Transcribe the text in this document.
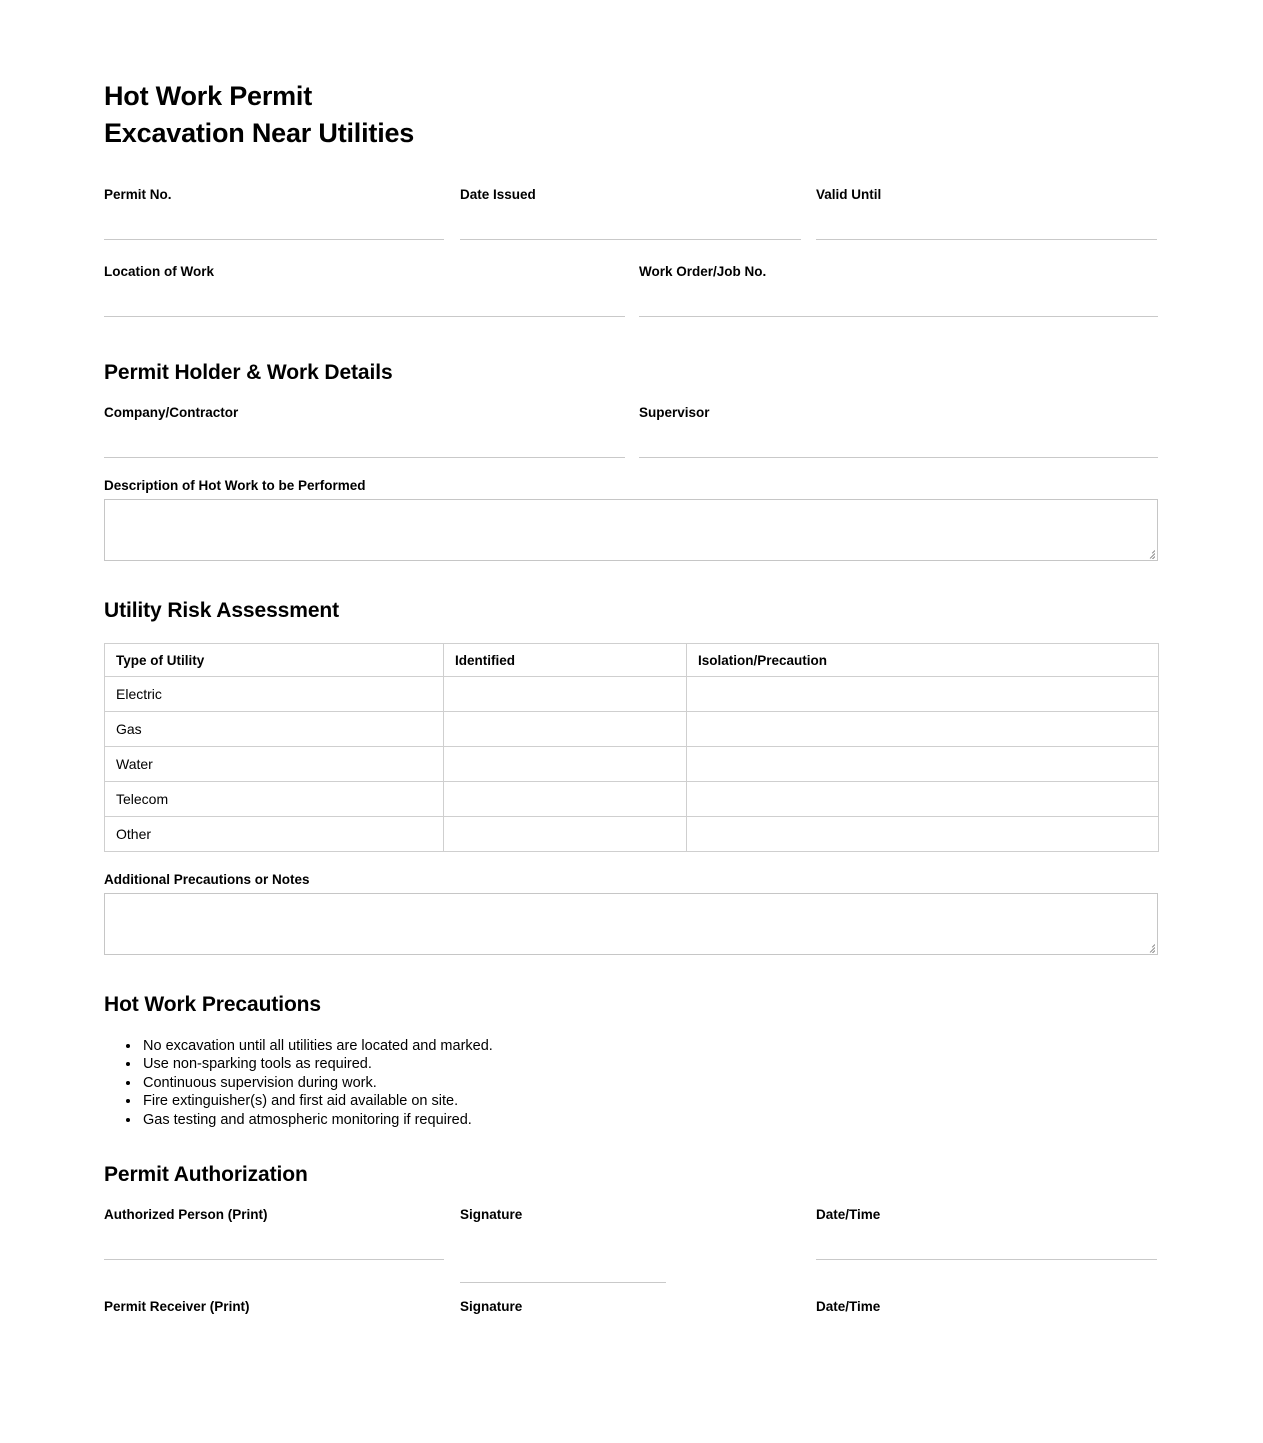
Hot Work Permit
Excavation Near Utilities
Permit No.	Date Issued	Valid Until
Location of Work	Work Order/Job No.
Permit Holder & Work Details
Company/Contractor	Supervisor
Description of Hot Work to be Performed
Utility Risk Assessment
Type of Utility	Identified	Isolation/Precaution
Electric		
Gas		
Water		
Telecom		
Other		
Additional Precautions or Notes
Hot Work Precautions
• No excavation until all utilities are located and marked.
• Use non-sparking tools as required.
• Continuous supervision during work.
• Fire extinguisher(s) and first aid available on site.
• Gas testing and atmospheric monitoring if required.
Permit Authorization
Authorized Person (Print)	Signature	Date/Time
Permit Receiver (Print)	Signature	Date/Time
